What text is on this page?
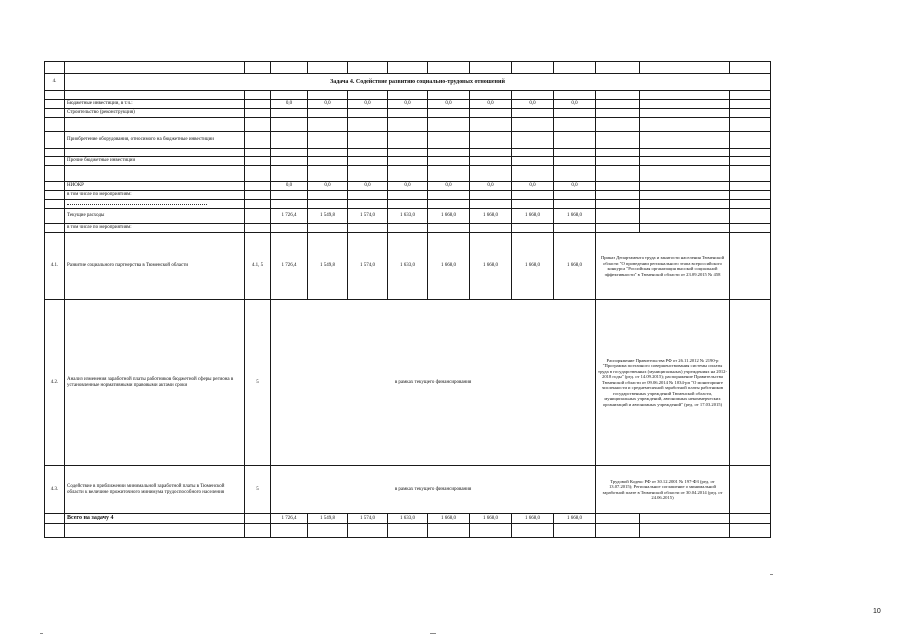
4.	Задача 4. Содействие развитию социально-трудовых отношений												

	Бюджетные инвестиции, в т.ч.:		0,0	0,0	0,0	0,0	0,0	0,0	0,0	0,0			
	Строительство (реконструкция)												

	Приобретение оборудования, относимого на бюджетные инвестиции												

	Прочие бюджетные инвестиции												

	НИОКР		0,0	0,0	0,0	0,0	0,0	0,0	0,0	0,0			
	в том числе по мероприятиям:												

	Текущие расходы		1 726,4	1 549,8	1 574,0	1 633,0	1 668,0	1 668,0	1 668,0	1 668,0			
	в том числе по мероприятиям:												
4.1.	Развитие социального партнерства в Тюменской области	4.1, 5	1 726,4	1 549,8	1 574,0	1 633,0	1 668,0	1 668,0	1 668,0	1 668,0	Приказ Департамента труда и занятости населения Тюменской области "О проведении регионального этапа всероссийского конкурса "Российская организация высокой социальной эффективности" в Тюменской области от 23.09.2015 № 458		
4.2.	Анализ изменения заработной платы работников бюджетной сферы региона в установленные нормативными правовыми актами сроки	5	в рамках текущего финансирования								Распоряжение Правительства РФ от 26.11.2012 № 2190-р "Программа поэтапного совершенствования системы оплаты труда в государственных (муниципальных) учреждениях на 2012-2018 годы" (ред. от 14.09.2015); распоряжение Правительства Тюменской области от 09.06.2014 № 1034-рп "О мониторинге численности и среднемесячной заработной платы работников государственных учреждений Тюменской области, муниципальных учреждений, автономных некоммерческих организаций и автономных учреждений" (ред. от 17.03.2015)		
4.3.	Содействие в приближении минимальной заработной платы в Тюменской области к величине прожиточного минимума трудоспособного населения	5	в рамках текущего финансирования								Трудовой Кодекс РФ от 30.12.2001 № 197-ФЗ (ред. от 13.07.2015); Региональное соглашение о минимальной заработной плате в Тюменской области от 30.04.2014 (ред. от 24.06.2015)		
	Всего на задачу 4		1 726,4	1 549,8	1 574,0	1 633,0	1 668,0	1 668,0	1 668,0	1 668,0			

10
